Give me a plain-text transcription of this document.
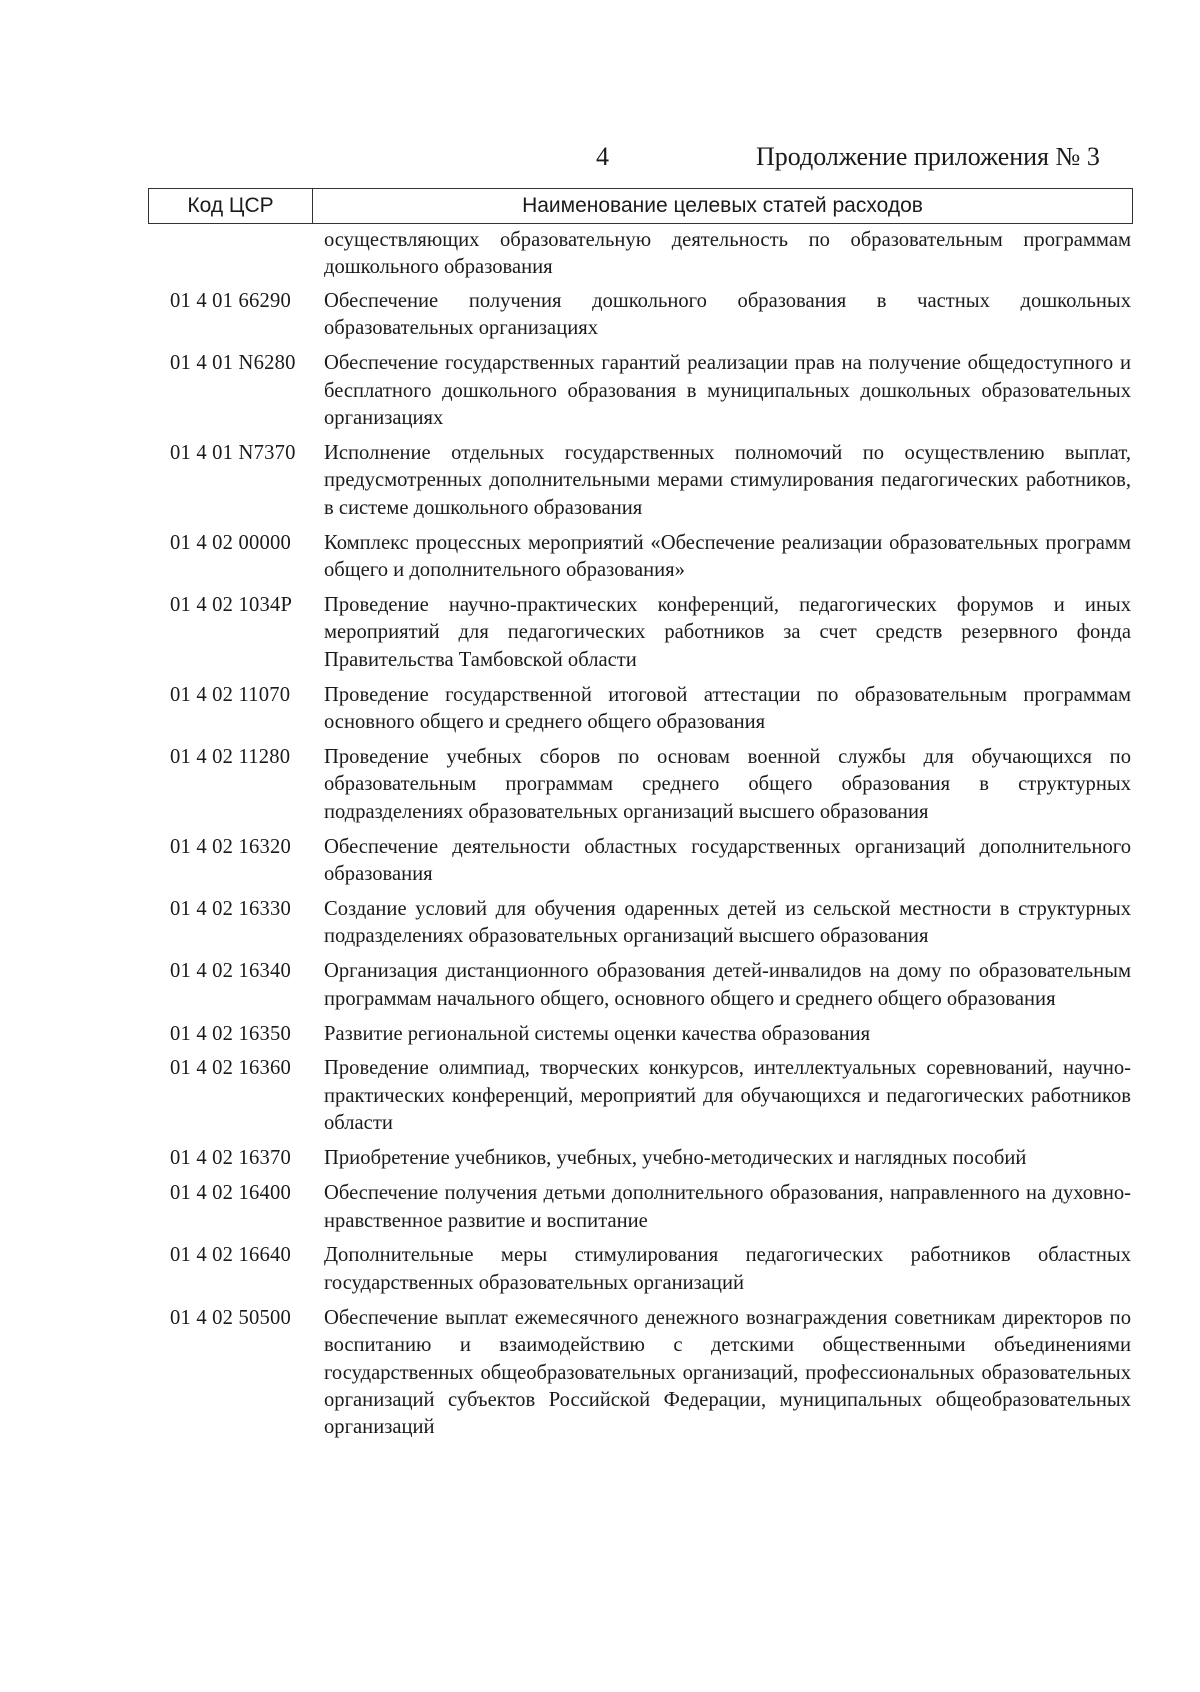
4	Продолжение приложения № 3
Код ЦСР	Наименование целевых статей расходов
осуществляющих образовательную деятельность по образовательным программам дошкольного образования
01 4 01 66290	Обеспечение получения дошкольного образования в частных дошкольных образовательных организациях
01 4 01 N6280	Обеспечение государственных гарантий реализации прав на получение общедоступного и бесплатного дошкольного образования в муниципальных дошкольных образовательных организациях
01 4 01 N7370	Исполнение отдельных государственных полномочий по осуществлению выплат, предусмотренных дополнительными мерами стимулирования педагогических работников, в системе дошкольного образования
01 4 02 00000	Комплекс процессных мероприятий «Обеспечение реализации образовательных программ общего и дополнительного образования»
01 4 02 1034Р	Проведение научно-практических конференций, педагогических форумов и иных мероприятий для педагогических работников за счет средств резервного фонда Правительства Тамбовской области
01 4 02 11070	Проведение государственной итоговой аттестации по образовательным программам основного общего и среднего общего образования
01 4 02 11280	Проведение учебных сборов по основам военной службы для обучающихся по образовательным программам среднего общего образования в структурных подразделениях образовательных организаций высшего образования
01 4 02 16320	Обеспечение деятельности областных государственных организаций дополнительного образования
01 4 02 16330	Создание условий для обучения одаренных детей из сельской местности в структурных подразделениях образовательных организаций высшего образования
01 4 02 16340	Организация дистанционного образования детей-инвалидов на дому по образовательным программам начального общего, основного общего и среднего общего образования
01 4 02 16350	Развитие региональной системы оценки качества образования
01 4 02 16360	Проведение олимпиад, творческих конкурсов, интеллектуальных соревнований, научно-практических конференций, мероприятий для обучающихся и педагогических работников области
01 4 02 16370	Приобретение учебников, учебных, учебно-методических и наглядных пособий
01 4 02 16400	Обеспечение получения детьми дополнительного образования, направленного на духовно-нравственное развитие и воспитание
01 4 02 16640	Дополнительные меры стимулирования педагогических работников областных государственных образовательных организаций
01 4 02 50500	Обеспечение выплат ежемесячного денежного вознаграждения советникам директоров по воспитанию и взаимодействию с детскими общественными объединениями государственных общеобразовательных организаций, профессиональных образовательных организаций субъектов Российской Федерации, муниципальных общеобразовательных организаций
